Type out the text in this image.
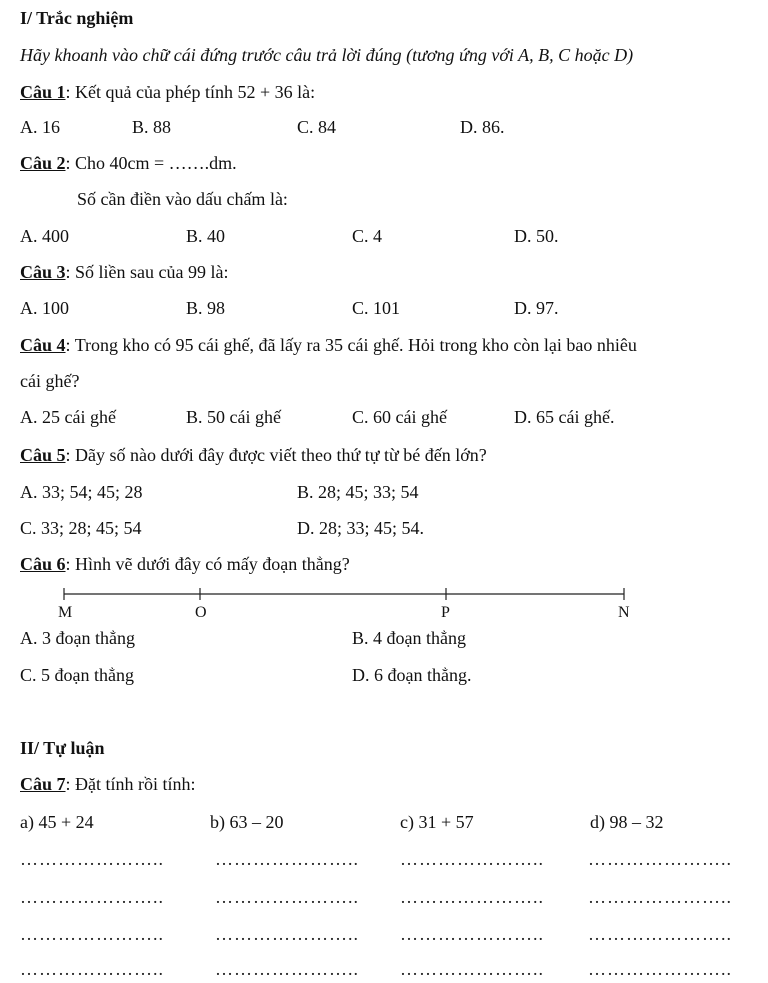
I/ Trắc nghiệm
Hãy khoanh vào chữ cái đứng trước câu trả lời đúng (tương ứng với A, B, C hoặc D)
Câu 1: Kết quả của phép tính 52 + 36 là:
A. 16	B. 88	C. 84	D. 86.
Câu 2: Cho 40cm = …….dm.
Số cần điền vào dấu chấm là:
A. 400	B. 40	C. 4	D. 50.
Câu 3: Số liền sau của 99 là:
A. 100	B. 98	C. 101	D. 97.
Câu 4: Trong kho có 95 cái ghế, đã lấy ra 35 cái ghế. Hỏi trong kho còn lại bao nhiêu
cái ghế?
A. 25 cái ghế	B. 50 cái ghế	C. 60 cái ghế	D. 65 cái ghế.
Câu 5: Dãy số nào dưới đây được viết theo thứ tự từ bé đến lớn?
A. 33; 54; 45; 28	B. 28; 45; 33; 54
C. 33; 28; 45; 54	D. 28; 33; 45; 54.
Câu 6: Hình vẽ dưới đây có mấy đoạn thẳng?
M	O	P	N
A. 3 đoạn thẳng	B. 4 đoạn thẳng
C. 5 đoạn thẳng	D. 6 đoạn thẳng.
II/ Tự luận
Câu 7: Đặt tính rồi tính:
a) 45 + 24	b) 63 – 20	c) 31 + 57	d) 98 – 32
…………………..	………………….. ………………….. …………………..
…………………..	………………….. ………………….. …………………..
…………………..	………………….. ………………….. …………………..
…………………..	………………….. ………………….. …………………..
